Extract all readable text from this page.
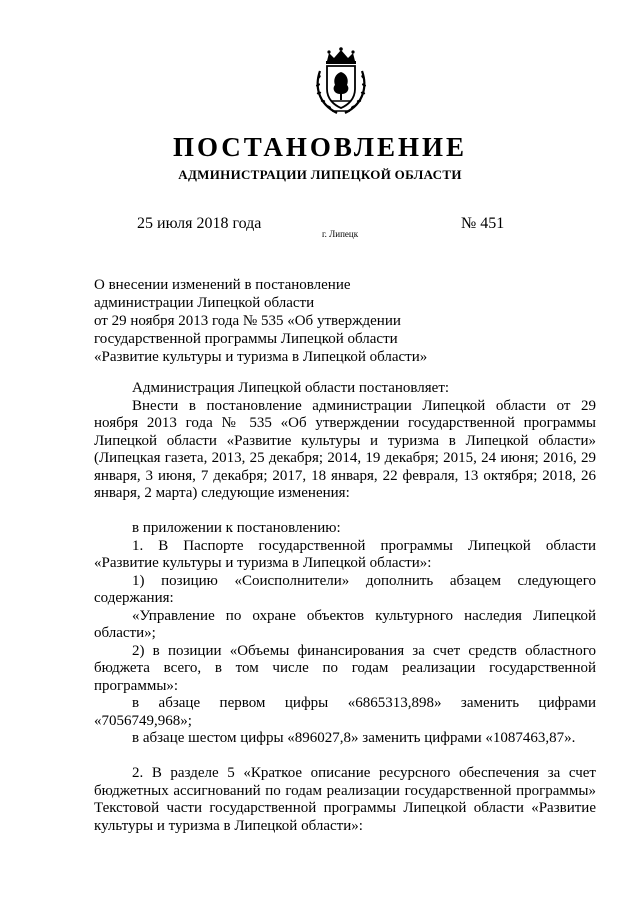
ПОСТАНОВЛЕНИЕ
АДМИНИСТРАЦИИ ЛИПЕЦКОЙ ОБЛАСТИ
25 июля 2018 года
г. Липецк
№ 451
О внесении изменений в постановление
администрации Липецкой области
от 29 ноября 2013 года № 535 «Об утверждении
государственной программы Липецкой области
«Развитие культуры и туризма в Липецкой области»

Администрация Липецкой области постановляет:

Внести в постановление администрации Липецкой области от 29 ноября 2013 года № 535 «Об утверждении государственной программы Липецкой области «Развитие культуры и туризма в Липецкой области» (Липецкая газета, 2013, 25 декабря; 2014, 19 декабря; 2015, 24 июня; 2016, 29 января, 3 июня, 7 декабря; 2017, 18 января, 22 февраля, 13 октября; 2018, 26 января, 2 марта) следующие изменения:

в приложении к постановлению:

1. В Паспорте государственной программы Липецкой области «Развитие культуры и туризма в Липецкой области»:

1) позицию «Соисполнители» дополнить абзацем следующего содержания:

«Управление по охране объектов культурного наследия Липецкой области»;

2) в позиции «Объемы финансирования за счет средств областного бюджета всего, в том числе по годам реализации государственной программы»:

в абзаце первом цифры «6865313,898» заменить цифрами «7056749,968»;

в абзаце шестом цифры «896027,8» заменить цифрами «1087463,87».

2. В разделе 5 «Краткое описание ресурсного обеспечения за счет бюджетных ассигнований по годам реализации государственной программы» Текстовой части государственной программы Липецкой области «Развитие культуры и туризма в Липецкой области»:
